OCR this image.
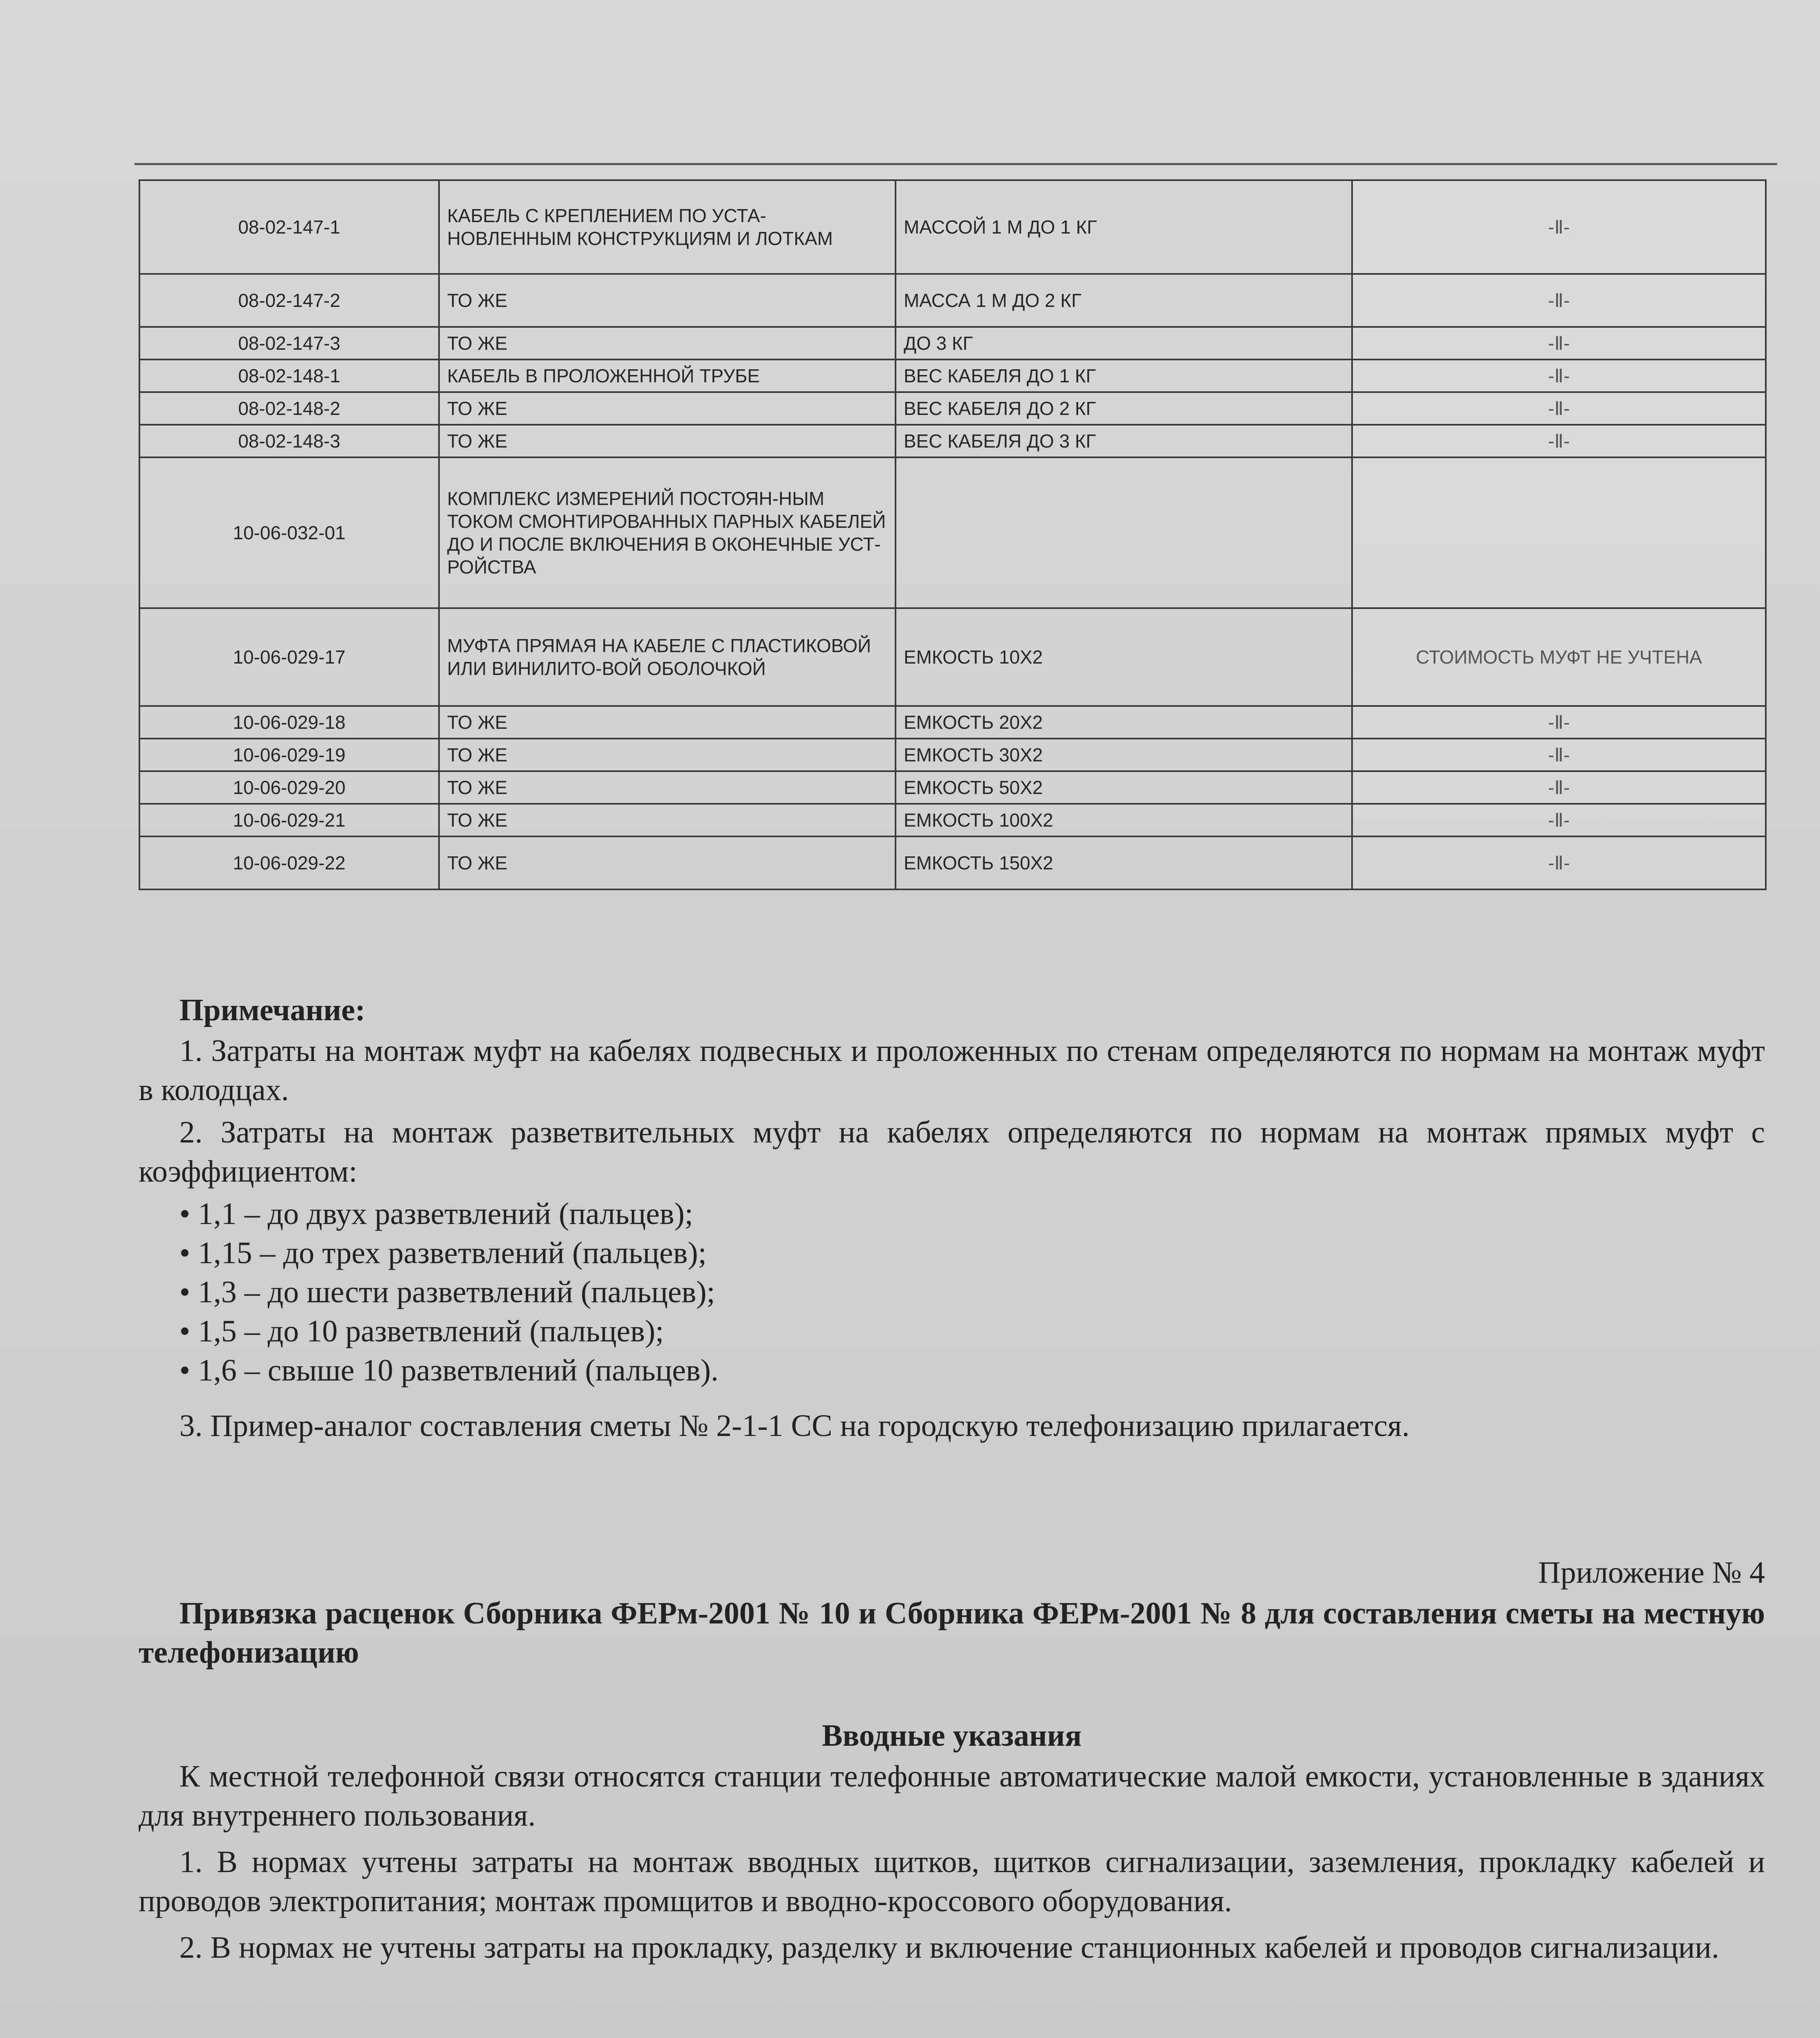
08-02-147-1	КАБЕЛЬ С КРЕПЛЕНИЕМ ПО УСТА-НОВЛЕННЫМ КОНСТРУКЦИЯМ И ЛОТКАМ	МАССОЙ 1 М ДО 1 КГ	-Ⅱ-
08-02-147-2	ТО ЖЕ	МАССА 1 М ДО 2 КГ	-Ⅱ-
08-02-147-3	ТО ЖЕ	ДО 3 КГ	-Ⅱ-
08-02-148-1	КАБЕЛЬ В ПРОЛОЖЕННОЙ ТРУБЕ	ВЕС КАБЕЛЯ ДО 1 КГ	-Ⅱ-
08-02-148-2	ТО ЖЕ	ВЕС КАБЕЛЯ ДО 2 КГ	-Ⅱ-
08-02-148-3	ТО ЖЕ	ВЕС КАБЕЛЯ ДО 3 КГ	-Ⅱ-
10-06-032-01	КОМПЛЕКС ИЗМЕРЕНИЙ ПОСТОЯН-НЫМ ТОКОМ СМОНТИРОВАННЫХ ПАРНЫХ КАБЕЛЕЙ ДО И ПОСЛЕ ВКЛЮЧЕНИЯ В ОКОНЕЧНЫЕ УСТ-РОЙСТВА		
10-06-029-17	МУФТА ПРЯМАЯ НА КАБЕЛЕ С ПЛАСТИКОВОЙ ИЛИ ВИНИЛИТО-ВОЙ ОБОЛОЧКОЙ	ЕМКОСТЬ 10Х2	СТОИМОСТЬ МУФТ НЕ УЧТЕНА
10-06-029-18	ТО ЖЕ	ЕМКОСТЬ 20Х2	-Ⅱ-
10-06-029-19	ТО ЖЕ	ЕМКОСТЬ 30Х2	-Ⅱ-
10-06-029-20	ТО ЖЕ	ЕМКОСТЬ 50Х2	-Ⅱ-
10-06-029-21	ТО ЖЕ	ЕМКОСТЬ 100Х2	-Ⅱ-
10-06-029-22	ТО ЖЕ	ЕМКОСТЬ 150Х2	-Ⅱ-
Примечание:
1. Затраты на монтаж муфт на кабелях подвесных и проложенных по стенам определяются по нормам на монтаж муфт в колодцах.
2. Затраты на монтаж разветвительных муфт на кабелях определяются по нормам на монтаж прямых муфт с коэффициентом:
• 1,1 – до двух разветвлений (пальцев);
• 1,15 – до трех разветвлений (пальцев);
• 1,3 – до шести разветвлений (пальцев);
• 1,5 – до 10 разветвлений (пальцев);
• 1,6 – свыше 10 разветвлений (пальцев).
3. Пример-аналог составления сметы № 2-1-1 СС на городскую телефонизацию прилагается.
Приложение № 4
Привязка расценок Сборника ФЕРм-2001 № 10 и Сборника ФЕРм-2001 № 8 для составления сметы на местную телефонизацию
Вводные указания
К местной телефонной связи относятся станции телефонные автоматические малой емкости, установленные в зданиях для внутреннего пользования.
1. В нормах учтены затраты на монтаж вводных щитков, щитков сигнализации, заземления, прокладку кабелей и проводов электропитания; монтаж промщитов и вводно-кроссового оборудования.
2. В нормах не учтены затраты на прокладку, разделку и включение станционных кабелей и проводов сигнализации.
